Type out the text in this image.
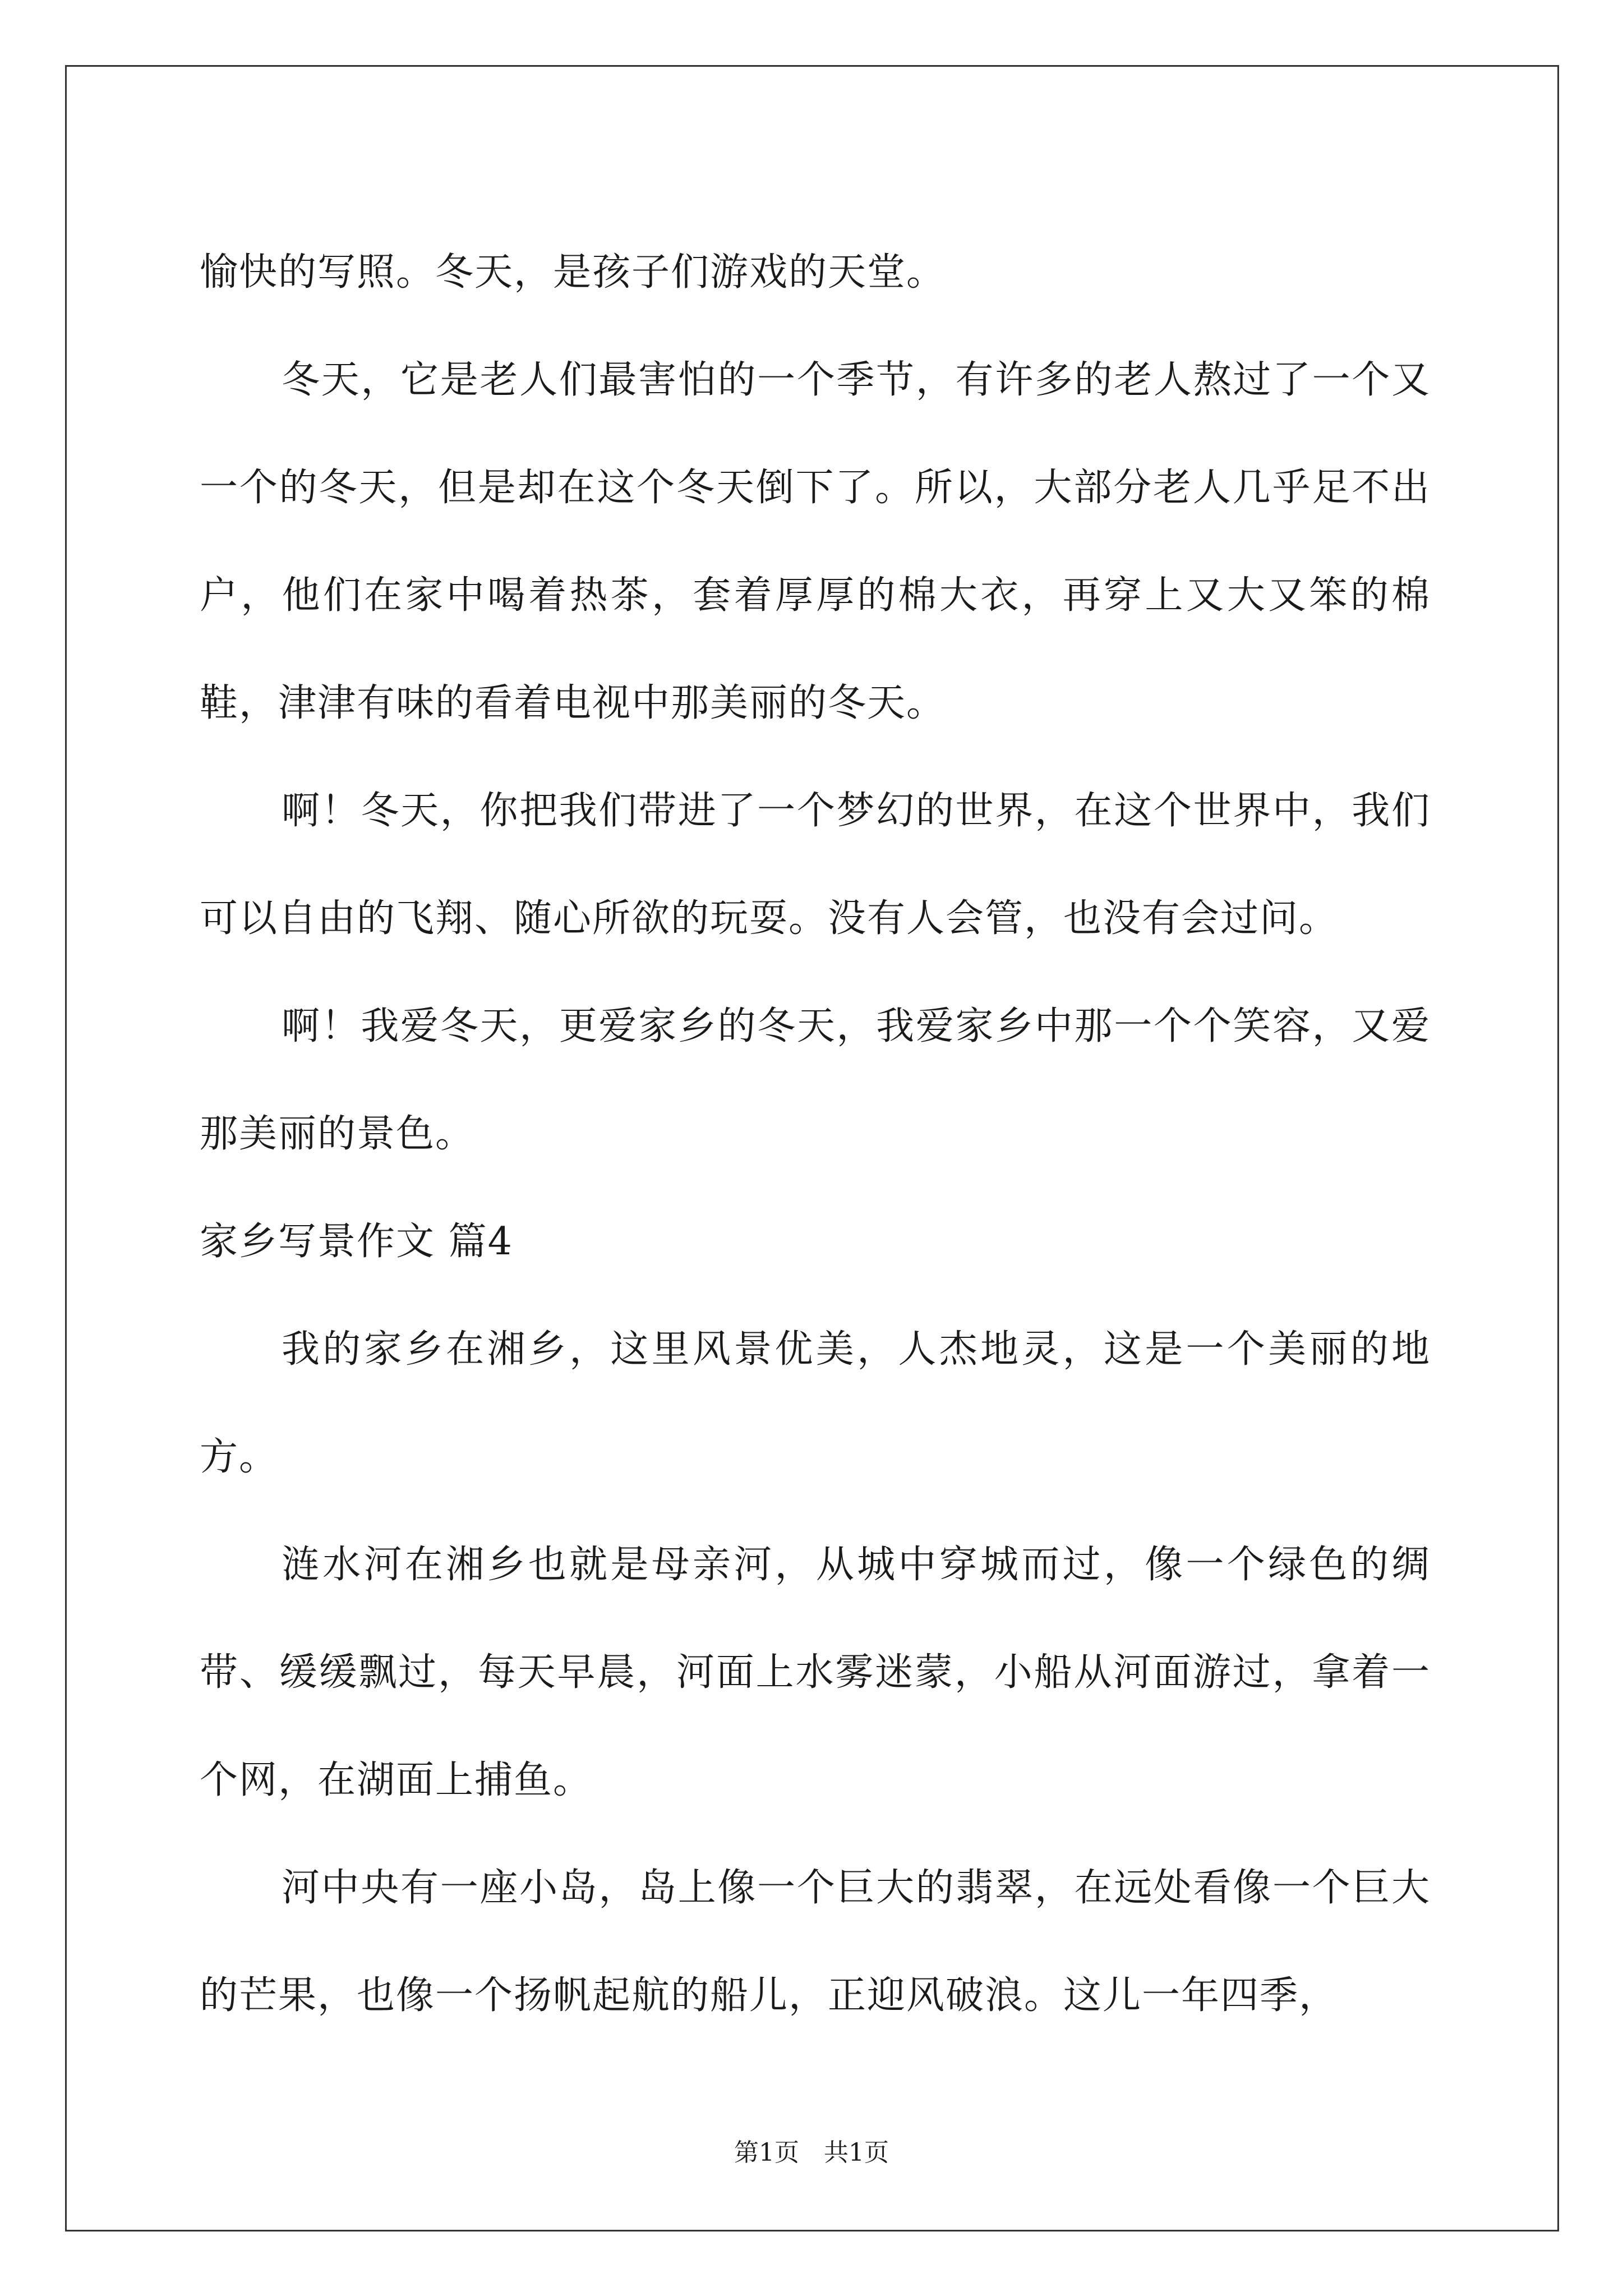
愉快的写照。冬天，是孩子们游戏的天堂。

冬天，它是老人们最害怕的一个季节，有许多的老人熬过了一个又一个的冬天，但是却在这个冬天倒下了。所以，大部分老人几乎足不出户，他们在家中喝着热茶，套着厚厚的棉大衣，再穿上又大又笨的棉鞋，津津有味的看着电视中那美丽的冬天。

啊！冬天，你把我们带进了一个梦幻的世界，在这个世界中，我们可以自由的飞翔、随心所欲的玩耍。没有人会管，也没有会过问。

啊！我爱冬天，更爱家乡的冬天，我爱家乡中那一个个笑容，又爱那美丽的景色。

家乡写景作文 篇4

我的家乡在湘乡，这里风景优美，人杰地灵，这是一个美丽的地方。

涟水河在湘乡也就是母亲河，从城中穿城而过，像一个绿色的绸带、缓缓飘过，每天早晨，河面上水雾迷蒙，小船从河面游过，拿着一个网，在湖面上捕鱼。

河中央有一座小岛，岛上像一个巨大的翡翠，在远处看像一个巨大的芒果，也像一个扬帆起航的船儿，正迎风破浪。这儿一年四季，

第1页　共1页
